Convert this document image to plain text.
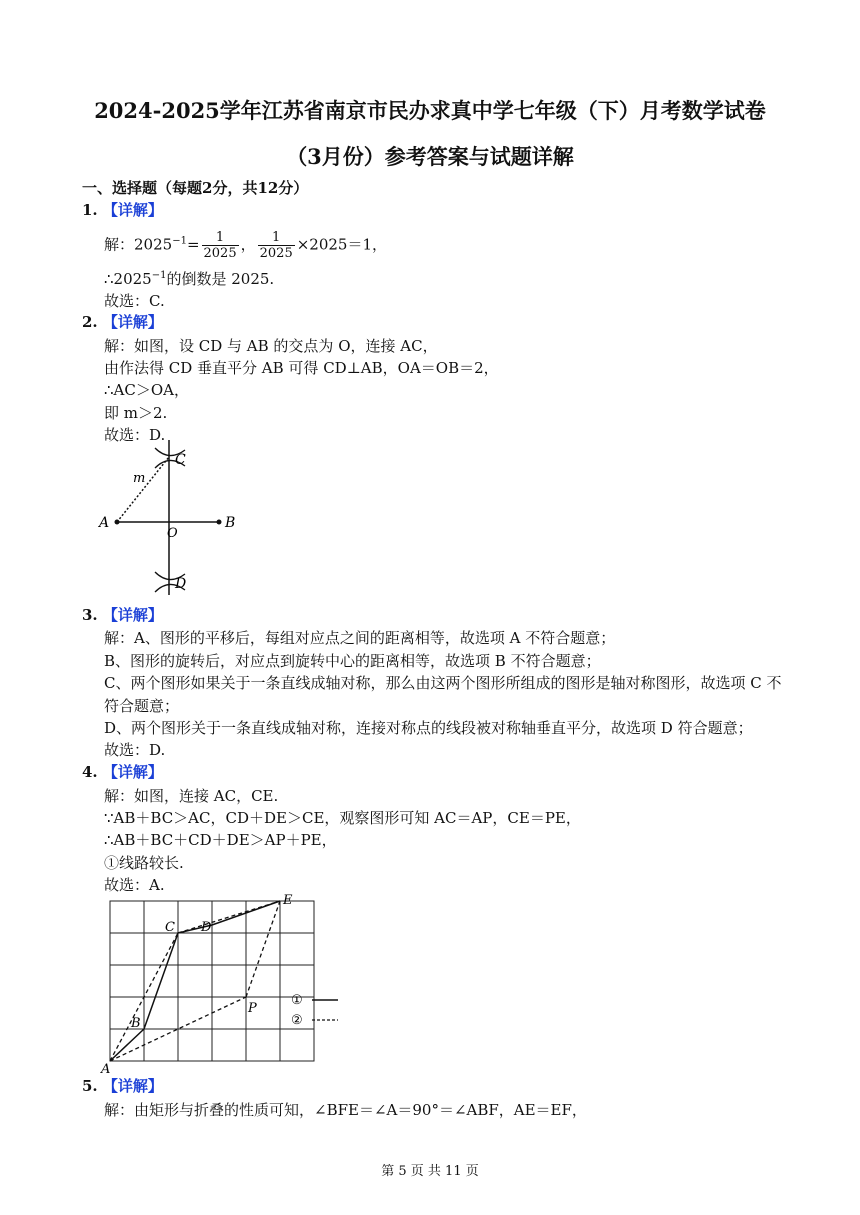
2024-2025学年江苏省南京市民办求真中学七年级（下）月考数学试卷
（3月份）参考答案与试题详解
一、选择题（每题2分，共12分）
1. 【详解】
解：$2025^{-1}= \frac{1}{2025}$ ， $\frac{1}{2025} \times 2025=1$，
$\therefore 2025^{-1}$的倒数是 2025.
故选：C.
2. 【详解】
解：如图，设 CD 与 AB 的交点为 O，连接 AC，
由作法得 CD 垂直平分 AB 可得 CD⊥AB，OA＝OB＝2，
∴AC＞OA，
即 m＞2.
故选：D.
A	B
C
D
O
m
3. 【详解】
解：A、图形的平移后，每组对应点之间的距离相等，故选项 A 不符合题意；
B、图形的旋转后，对应点到旋转中心的距离相等，故选项 B 不符合题意；
C、两个图形如果关于一条直线成轴对称，那么由这两个图形所组成的图形是轴对称图形，故选项 C 不
符合题意；
D、两个图形关于一条直线成轴对称，连接对称点的线段被对称轴垂直平分，故选项 D 符合题意；
故选：D.
4. 【详解】
解：如图，连接 AC，CE.
∵AB＋BC＞AC，CD＋DE＞CE，观察图形可知 AC＝AP，CE＝PE，
∴AB＋BC＋CD＋DE＞AP＋PE，
①线路较长.
故选：A.
A
B
C D
E
P
①
②
5. 【详解】
解：由矩形与折叠的性质可知，∠BFE＝∠A＝90°＝∠ABF，AE＝EF，
第 5 页 共 11 页
